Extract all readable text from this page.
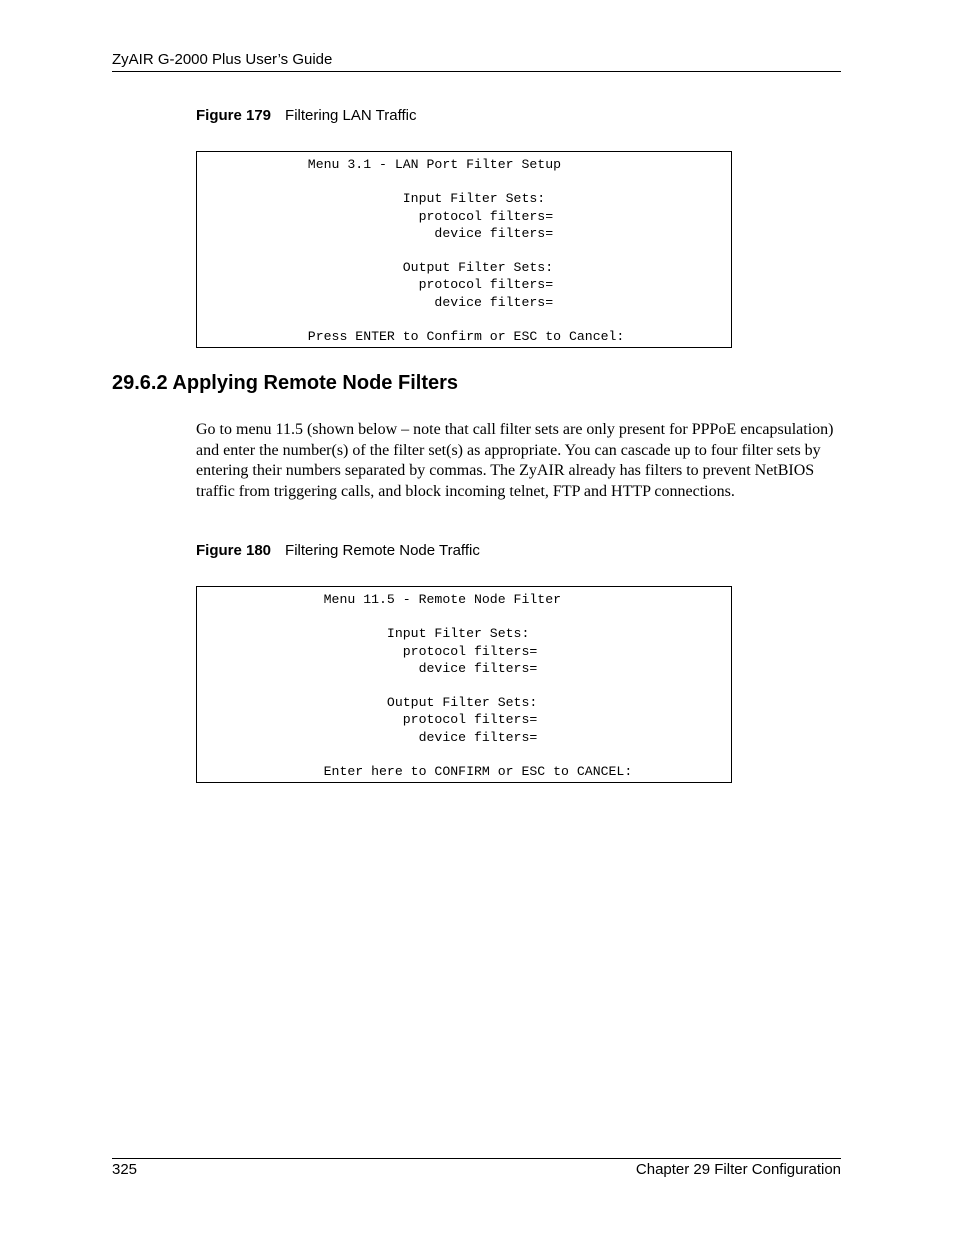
ZyAIR G-2000 Plus User’s Guide
Figure 179 Filtering LAN Traffic
Menu 3.1 - LAN Port Filter Setup

Input Filter Sets:
protocol filters=
device filters=

Output Filter Sets:
protocol filters=
device filters=

Press ENTER to Confirm or ESC to Cancel:
29.6.2 Applying Remote Node Filters
Go to menu 11.5 (shown below – note that call filter sets are only present for PPPoE encapsulation) and enter the number(s) of the filter set(s) as appropriate. You can cascade up to four filter sets by entering their numbers separated by commas. The ZyAIR already has filters to prevent NetBIOS traffic from triggering calls, and block incoming telnet, FTP and HTTP connections.
Figure 180 Filtering Remote Node Traffic
Menu 11.5 - Remote Node Filter

Input Filter Sets:
protocol filters=
device filters=

Output Filter Sets:
protocol filters=
device filters=

Enter here to CONFIRM or ESC to CANCEL:
325	Chapter 29 Filter Configuration
